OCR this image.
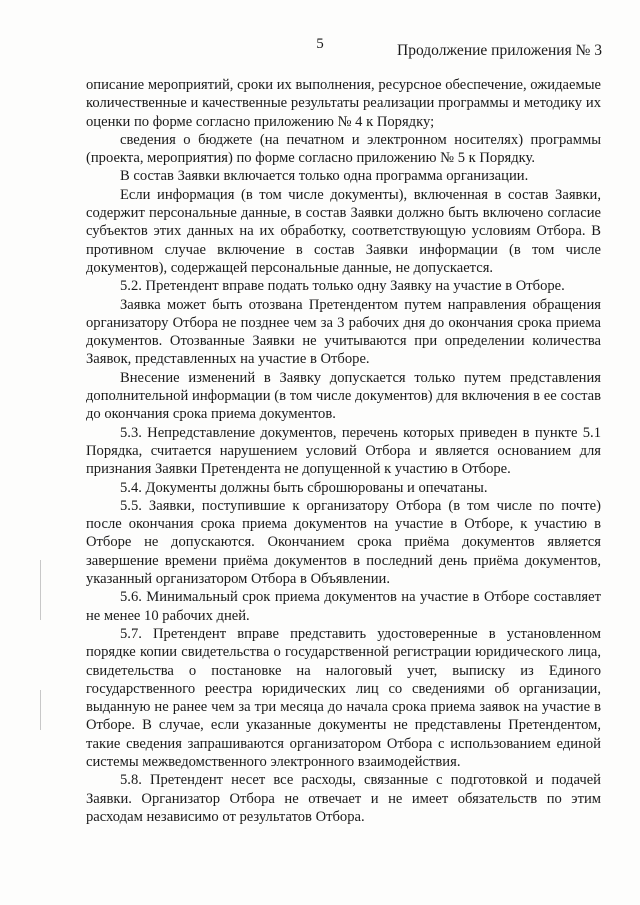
5	Продолжение приложения № 3

описание мероприятий, сроки их выполнения, ресурсное обеспечение, ожидаемые количественные и качественные результаты реализации программы и методику их оценки по форме согласно приложению № 4 к Порядку;

сведения о бюджете (на печатном и электронном носителях) программы (проекта, мероприятия) по форме согласно приложению № 5 к Порядку.

В состав Заявки включается только одна программа организации.

Если информация (в том числе документы), включенная в состав Заявки, содержит персональные данные, в состав Заявки должно быть включено согласие субъектов этих данных на их обработку, соответствующую условиям Отбора. В противном случае включение в состав Заявки информации (в том числе документов), содержащей персональные данные, не допускается.

5.2. Претендент вправе подать только одну Заявку на участие в Отборе.

Заявка может быть отозвана Претендентом путем направления обращения организатору Отбора не позднее чем за 3 рабочих дня до окончания срока приема документов. Отозванные Заявки не учитываются при определении количества Заявок, представленных на участие в Отборе.

Внесение изменений в Заявку допускается только путем представления дополнительной информации (в том числе документов) для включения в ее состав до окончания срока приема документов.

5.3. Непредставление документов, перечень которых приведен в пункте 5.1 Порядка, считается нарушением условий Отбора и является основанием для признания Заявки Претендента не допущенной к участию в Отборе.

5.4. Документы должны быть сброшюрованы и опечатаны.

5.5. Заявки, поступившие к организатору Отбора (в том числе по почте) после окончания срока приема документов на участие в Отборе, к участию в Отборе не допускаются. Окончанием срока приёма документов является завершение времени приёма документов в последний день приёма документов, указанный организатором Отбора в Объявлении.

5.6. Минимальный срок приема документов на участие в Отборе составляет не менее 10 рабочих дней.

5.7. Претендент вправе представить удостоверенные в установленном порядке копии свидетельства о государственной регистрации юридического лица, свидетельства о постановке на налоговый учет, выписку из Единого государственного реестра юридических лиц со сведениями об организации, выданную не ранее чем за три месяца до начала срока приема заявок на участие в Отборе. В случае, если указанные документы не представлены Претендентом, такие сведения запрашиваются организатором Отбора с использованием единой системы межведомственного электронного взаимодействия.

5.8. Претендент несет все расходы, связанные с подготовкой и подачей Заявки. Организатор Отбора не отвечает и не имеет обязательств по этим расходам независимо от результатов Отбора.
